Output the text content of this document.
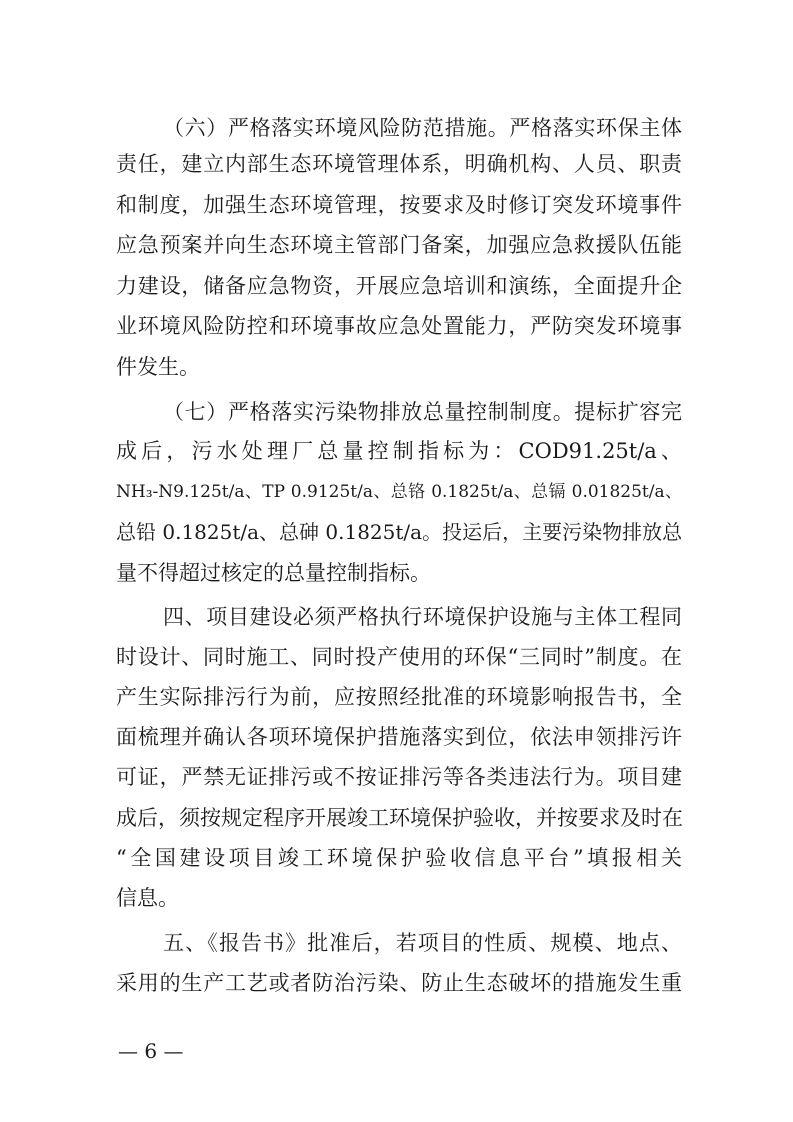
（六）严格落实环境风险防范措施。严格落实环保主体
责任，建立内部生态环境管理体系，明确机构、人员、职责
和制度，加强生态环境管理，按要求及时修订突发环境事件
应急预案并向生态环境主管部门备案，加强应急救援队伍能
力建设，储备应急物资，开展应急培训和演练，全面提升企
业环境风险防控和环境事故应急处置能力，严防突发环境事
件发生。
（七）严格落实污染物排放总量控制制度。提标扩容完
成后，污水处理厂总量控制指标为：COD91.25t/a、
NH₃-N9.125t/a、TP 0.9125t/a、总铬 0.1825t/a、总镉 0.01825t/a、
总铅 0.1825t/a、总砷 0.1825t/a。投运后，主要污染物排放总
量不得超过核定的总量控制指标。
四、项目建设必须严格执行环境保护设施与主体工程同
时设计、同时施工、同时投产使用的环保“三同时”制度。在
产生实际排污行为前，应按照经批准的环境影响报告书，全
面梳理并确认各项环境保护措施落实到位，依法申领排污许
可证，严禁无证排污或不按证排污等各类违法行为。项目建
成后，须按规定程序开展竣工环境保护验收，并按要求及时在
“全国建设项目竣工环境保护验收信息平台”填报相关
信息。
五、《报告书》批准后，若项目的性质、规模、地点、
采用的生产工艺或者防治污染、防止生态破坏的措施发生重
— 6 —
